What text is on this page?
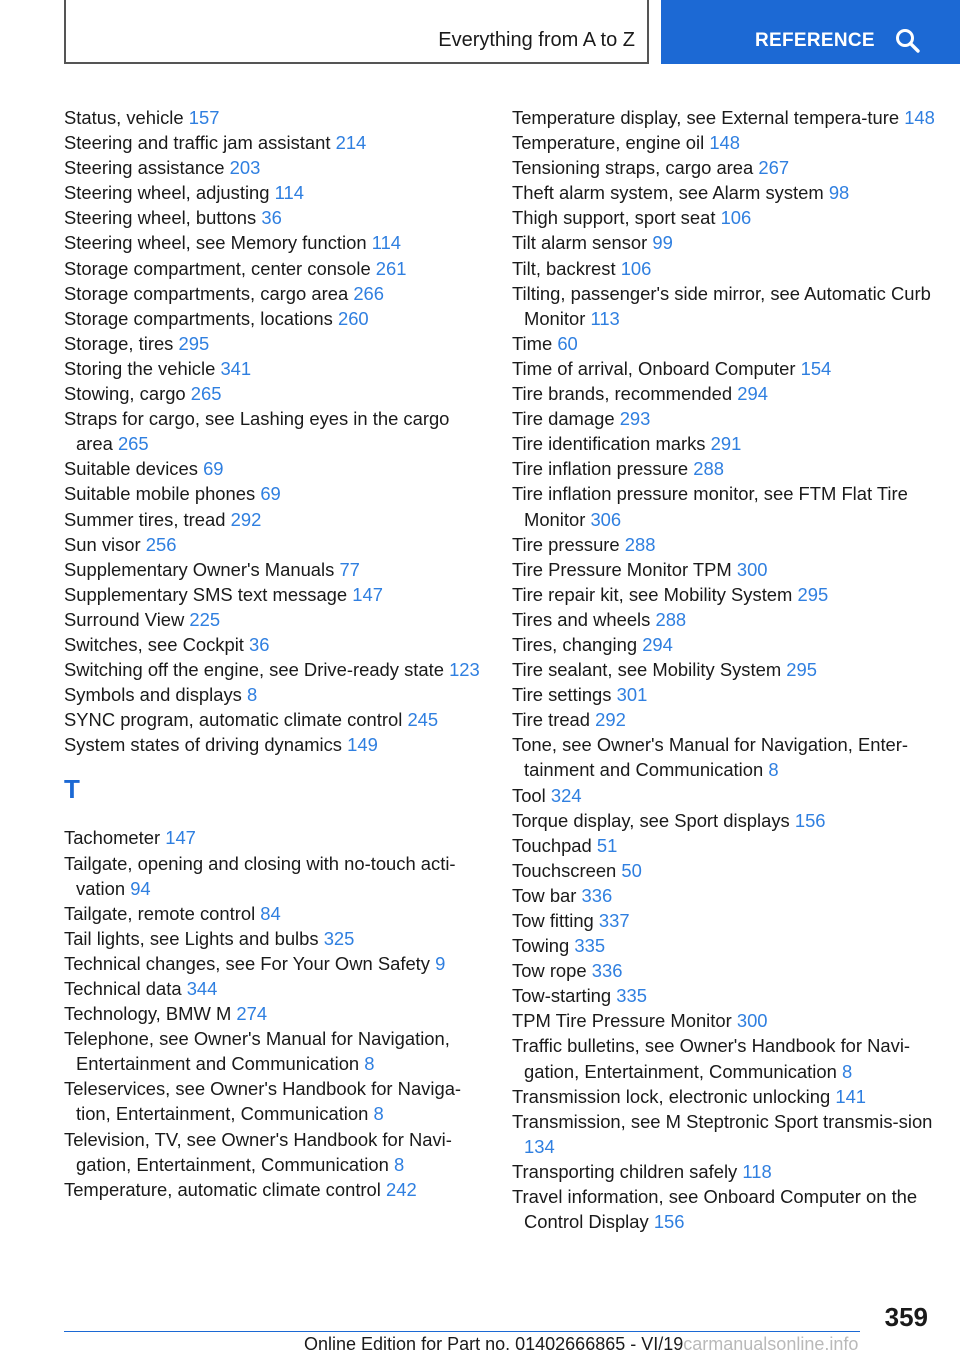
Everything from A to Z	REFERENCE
Status, vehicle 157
Steering and traffic jam assistant 214
Steering assistance 203
Steering wheel, adjusting 114
Steering wheel, buttons 36
Steering wheel, see Memory function 114
Storage compartment, center console 261
Storage compartments, cargo area 266
Storage compartments, locations 260
Storage, tires 295
Storing the vehicle 341
Stowing, cargo 265
Straps for cargo, see Lashing eyes in the cargo area 265
Suitable devices 69
Suitable mobile phones 69
Summer tires, tread 292
Sun visor 256
Supplementary Owner's Manuals 77
Supplementary SMS text message 147
Surround View 225
Switches, see Cockpit 36
Switching off the engine, see Drive-ready state 123
Symbols and displays 8
SYNC program, automatic climate control 245
System states of driving dynamics 149
T
Tachometer 147
Tailgate, opening and closing with no-touch acti-vation 94
Tailgate, remote control 84
Tail lights, see Lights and bulbs 325
Technical changes, see For Your Own Safety 9
Technical data 344
Technology, BMW M 274
Telephone, see Owner's Manual for Navigation, Entertainment and Communication 8
Teleservices, see Owner's Handbook for Naviga-tion, Entertainment, Communication 8
Television, TV, see Owner's Handbook for Navi-gation, Entertainment, Communication 8
Temperature, automatic climate control 242
Temperature display, see External tempera-ture 148
Temperature, engine oil 148
Tensioning straps, cargo area 267
Theft alarm system, see Alarm system 98
Thigh support, sport seat 106
Tilt alarm sensor 99
Tilt, backrest 106
Tilting, passenger's side mirror, see Automatic Curb Monitor 113
Time 60
Time of arrival, Onboard Computer 154
Tire brands, recommended 294
Tire damage 293
Tire identification marks 291
Tire inflation pressure 288
Tire inflation pressure monitor, see FTM Flat Tire Monitor 306
Tire pressure 288
Tire Pressure Monitor TPM 300
Tire repair kit, see Mobility System 295
Tires and wheels 288
Tires, changing 294
Tire sealant, see Mobility System 295
Tire settings 301
Tire tread 292
Tone, see Owner's Manual for Navigation, Enter-tainment and Communication 8
Tool 324
Torque display, see Sport displays 156
Touchpad 51
Touchscreen 50
Tow bar 336
Tow fitting 337
Towing 335
Tow rope 336
Tow-starting 335
TPM Tire Pressure Monitor 300
Traffic bulletins, see Owner's Handbook for Navi-gation, Entertainment, Communication 8
Transmission lock, electronic unlocking 141
Transmission, see M Steptronic Sport transmis-sion 134
Transporting children safely 118
Travel information, see Onboard Computer on the Control Display 156
359
Online Edition for Part no. 01402666865 - VI/19carmanualsonline.info
